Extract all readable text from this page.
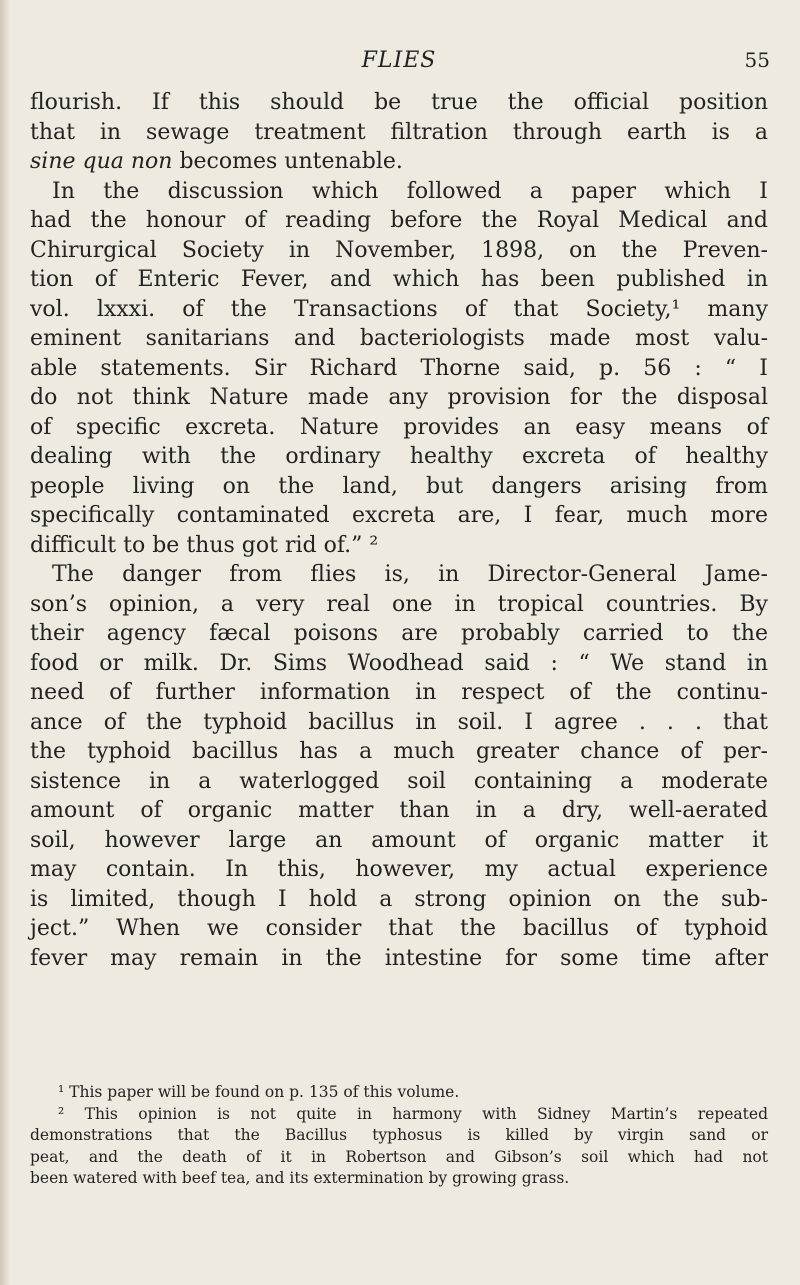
FLIES	55
flourish. If this should be true the official position
that in sewage treatment filtration through earth is a
sine qua non becomes untenable.
In the discussion which followed a paper which I
had the honour of reading before the Royal Medical and
Chirurgical Society in November, 1898, on the Preven-
tion of Enteric Fever, and which has been published in
vol. lxxxi. of the Transactions of that Society,¹ many
eminent sanitarians and bacteriologists made most valu-
able statements. Sir Richard Thorne said, p. 56 : “ I
do not think Nature made any provision for the disposal
of specific excreta. Nature provides an easy means of
dealing with the ordinary healthy excreta of healthy
people living on the land, but dangers arising from
specifically contaminated excreta are, I fear, much more
difficult to be thus got rid of.” ²
The danger from flies is, in Director-General Jame-
son’s opinion, a very real one in tropical countries. By
their agency fæcal poisons are probably carried to the
food or milk. Dr. Sims Woodhead said : “ We stand in
need of further information in respect of the continu-
ance of the typhoid bacillus in soil. I agree . . . that
the typhoid bacillus has a much greater chance of per-
sistence in a waterlogged soil containing a moderate
amount of organic matter than in a dry, well-aerated
soil, however large an amount of organic matter it
may contain. In this, however, my actual experience
is limited, though I hold a strong opinion on the sub-
ject.” When we consider that the bacillus of typhoid
fever may remain in the intestine for some time after
¹ This paper will be found on p. 135 of this volume.
² This opinion is not quite in harmony with Sidney Martin’s repeated
demonstrations that the Bacillus typhosus is killed by virgin sand or
peat, and the death of it in Robertson and Gibson’s soil which had not
been watered with beef tea, and its extermination by growing grass.
